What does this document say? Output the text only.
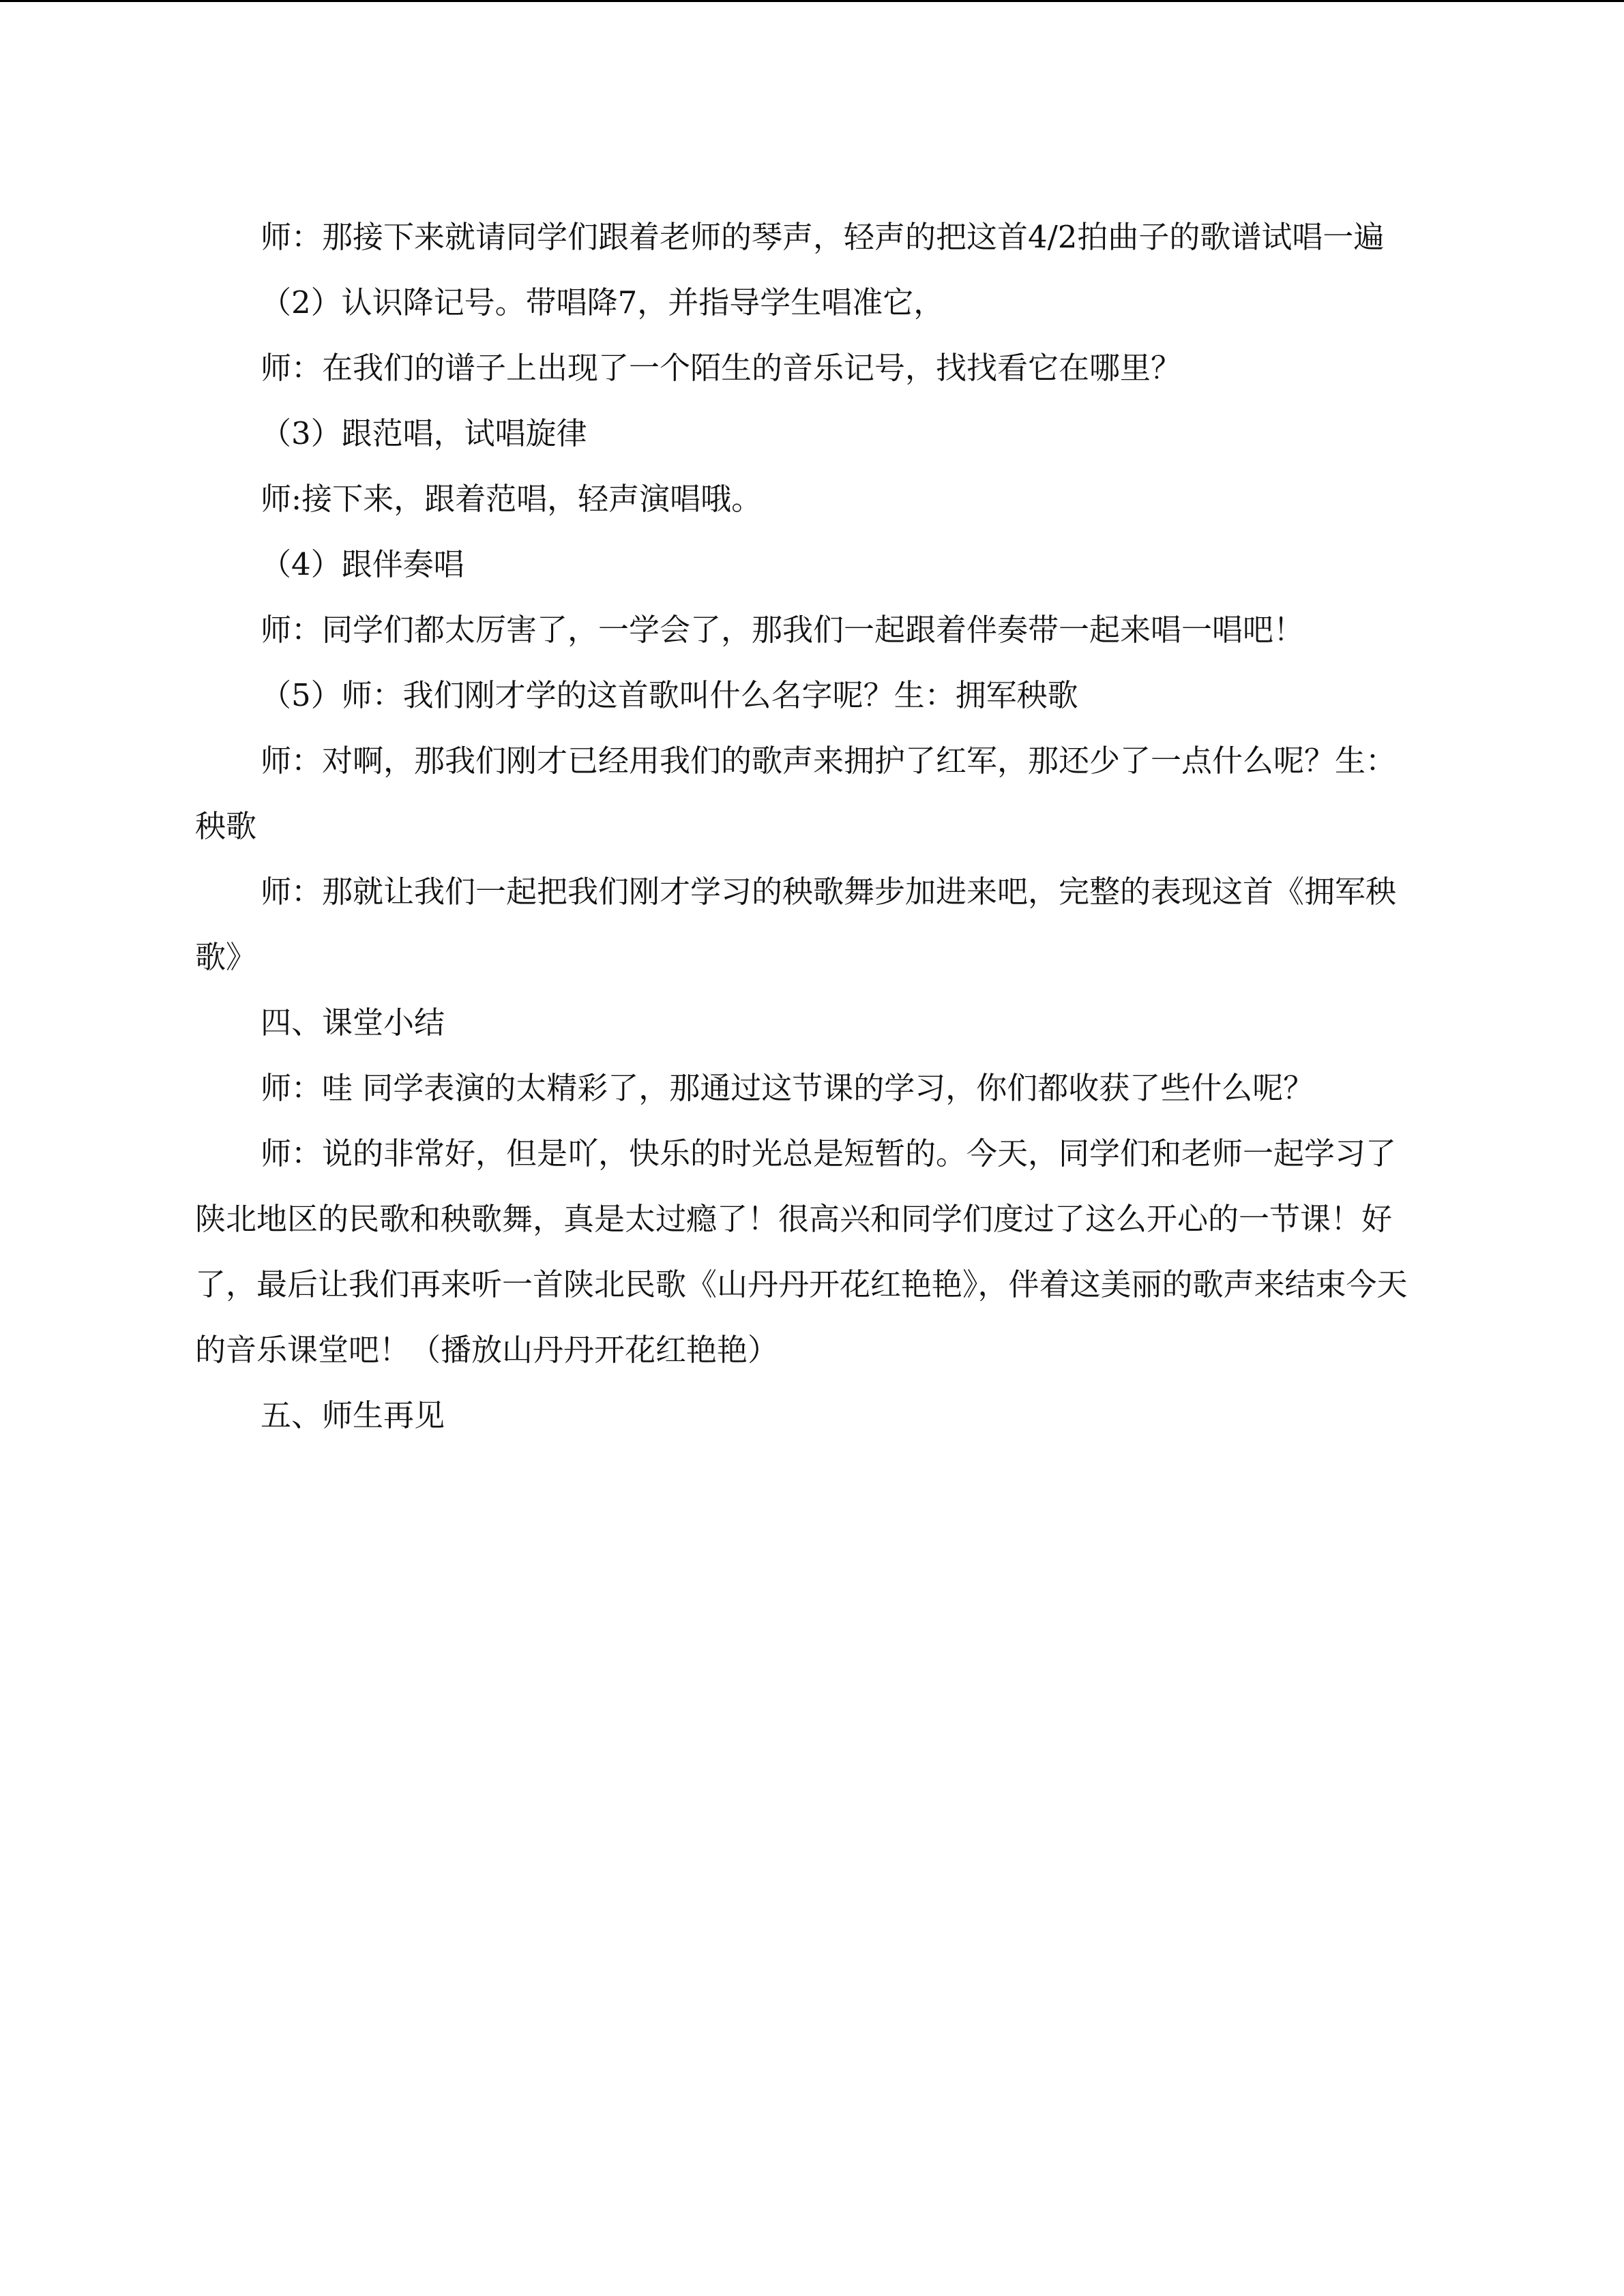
师：那接下来就请同学们跟着老师的琴声，轻声的把这首4/2拍曲子的歌谱试唱一遍

（2）认识降记号。带唱降7，并指导学生唱准它，

师：在我们的谱子上出现了一个陌生的音乐记号，找找看它在哪里？

（3）跟范唱，试唱旋律

师:接下来，跟着范唱，轻声演唱哦。

（4）跟伴奏唱

师：同学们都太厉害了，一学会了，那我们一起跟着伴奏带一起来唱一唱吧！

（5）师：我们刚才学的这首歌叫什么名字呢？生：拥军秧歌

师：对啊，那我们刚才已经用我们的歌声来拥护了红军，那还少了一点什么呢？生：秧歌

师：那就让我们一起把我们刚才学习的秧歌舞步加进来吧，完整的表现这首《拥军秧歌》

四、课堂小结

师：哇 同学表演的太精彩了，那通过这节课的学习，你们都收获了些什么呢？

师：说的非常好，但是吖，快乐的时光总是短暂的。今天，同学们和老师一起学习了陕北地区的民歌和秧歌舞，真是太过瘾了！很高兴和同学们度过了这么开心的一节课！好了，最后让我们再来听一首陕北民歌《山丹丹开花红艳艳》，伴着这美丽的歌声来结束今天的音乐课堂吧！（播放山丹丹开花红艳艳）

五、师生再见
